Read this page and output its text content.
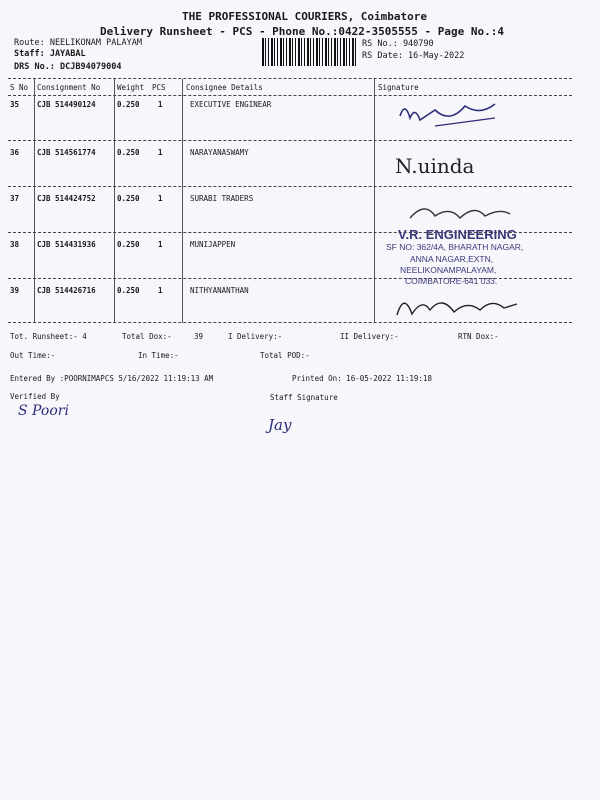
THE PROFESSIONAL COURIERS, Coimbatore
Delivery Runsheet - PCS - Phone No.:0422-3505555 - Page No.:4
Route: NEELIKONAM PALAYAM
Staff: JAYABAL
DRS No.: DCJB94079004
RS No.: 940790
RS Date: 16-May-2022
S No Consignment No Weight PCS	Consignee Details	Signature
35 CJB 514490124	0.250 1	EXECUTIVE ENGINEAR
36 CJB 514561774	0.250 1	NARAYANASWAMY
37 CJB 514424752	0.250 1	SURABI TRADERS
38 CJB 514431936	0.250 1	MUNIJAPPEN
39 CJB 514426716	0.250 1	NITHYANANTHAN
N.uinda
V.R. ENGINEERING
SF NO: 362/4A, BHARATH NAGAR,
ANNA NAGAR,EXTN,
NEELIKONAMPALAYAM,
COIMBATORE-641 033.
Tot. Runsheet:- 4	Total Dox:-	39	I Delivery:-	II Delivery:-	RTN Dox:-
Out Time:-	In Time:-	Total POD:-
Entered By :POORNIMAPCS 5/16/2022 11:19:13 AM	Printed On: 16-05-2022 11:19:18
Verified By	Staff Signature
S Poori
Jay
